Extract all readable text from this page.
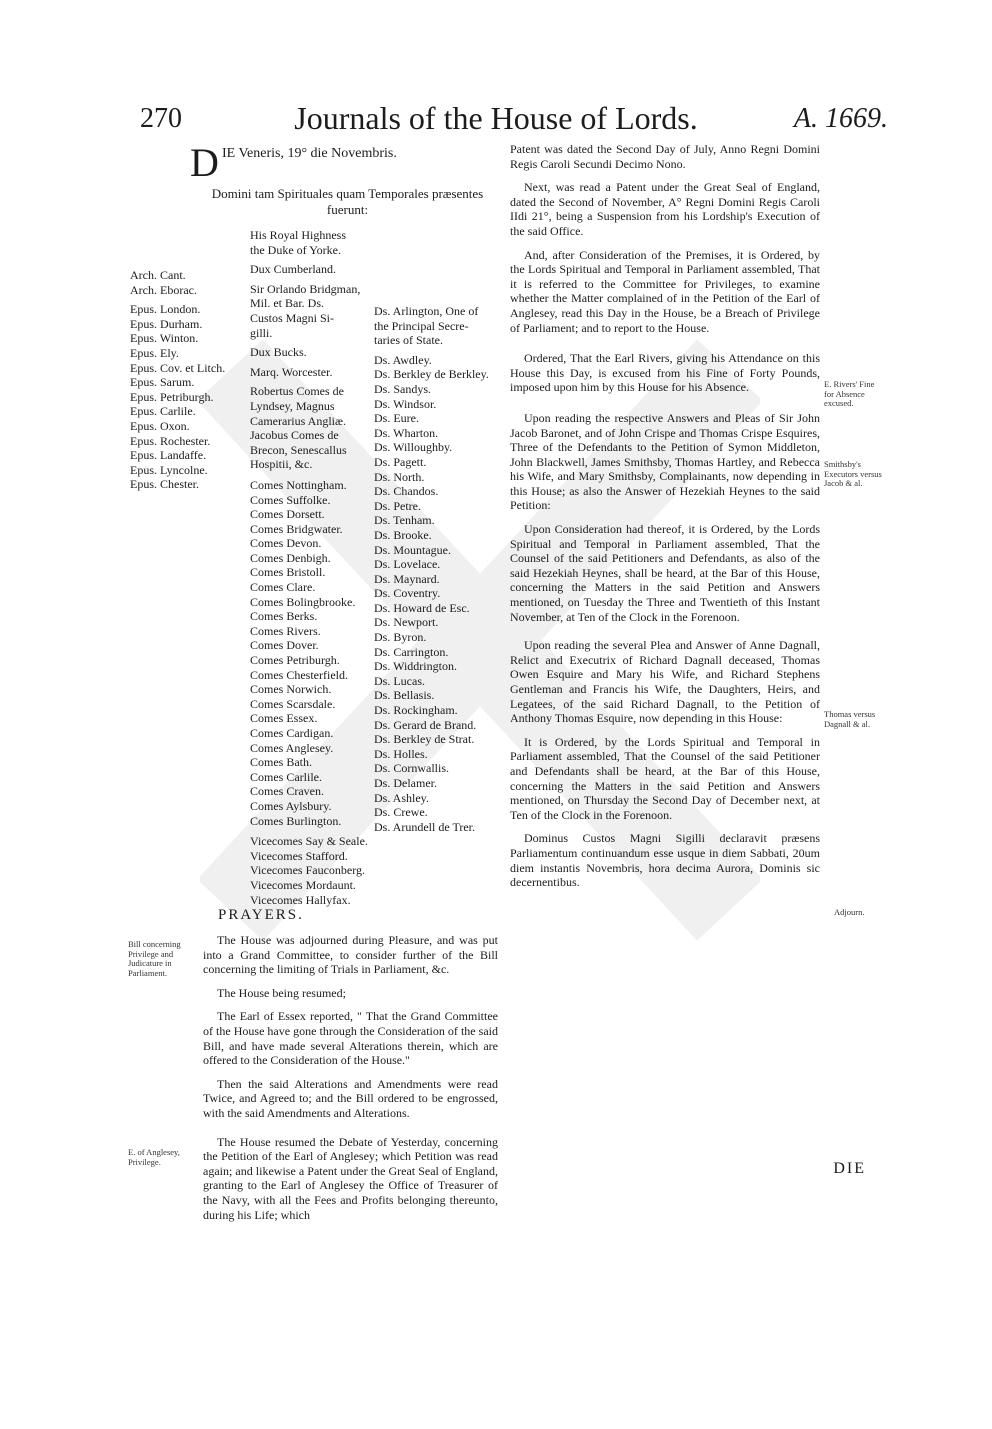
270	Journals of the House of Lords.	A. 1669.
D IE Veneris, 19° die Novembris.
Domini tam Spirituales quam Temporales præsentes fuerunt:
Arch. Cant.
Arch. Eborac.
Epus. London.
Epus. Durham.
Epus. Winton.
Epus. Ely.
Epus. Cov. et Litch.
Epus. Sarum.
Epus. Petriburgh.
Epus. Carlile.
Epus. Oxon.
Epus. Rochester.
Epus. Landaffe.
Epus. Lyncolne.
Epus. Chester.
His Royal Highness
the Duke of Yorke.
Dux Cumberland.
Sir Orlando Bridgman,
Mil. et Bar. Ds.
Custos Magni Si-
gilli.
Dux Bucks.
Marq. Worcester.
Robertus Comes de
Lyndsey, Magnus
Camerarius Angliæ.
Jacobus Comes de
Brecon, Senescallus
Hospitii, &c.
Comes Nottingham.
Comes Suffolke.
Comes Dorsett.
Comes Bridgwater.
Comes Devon.
Comes Denbigh.
Comes Bristoll.
Comes Clare.
Comes Bolingbrooke.
Comes Berks.
Comes Rivers.
Comes Dover.
Comes Petriburgh.
Comes Chesterfield.
Comes Norwich.
Comes Scarsdale.
Comes Essex.
Comes Cardigan.
Comes Anglesey.
Comes Bath.
Comes Carlile.
Comes Craven.
Comes Aylsbury.
Comes Burlington.
Vicecomes Say & Seale.
Vicecomes Stafford.
Vicecomes Fauconberg.
Vicecomes Mordaunt.
Vicecomes Hallyfax.
Ds. Arlington, One of
the Principal Secre-
taries of State.
Ds. Awdley.
Ds. Berkley de Berkley.
Ds. Sandys.
Ds. Windsor.
Ds. Eure.
Ds. Wharton.
Ds. Willoughby.
Ds. Pagett.
Ds. North.
Ds. Chandos.
Ds. Petre.
Ds. Tenham.
Ds. Brooke.
Ds. Mountague.
Ds. Lovelace.
Ds. Maynard.
Ds. Coventry.
Ds. Howard de Esc.
Ds. Newport.
Ds. Byron.
Ds. Carrington.
Ds. Widdrington.
Ds. Lucas.
Ds. Bellasis.
Ds. Rockingham.
Ds. Gerard de Brand.
Ds. Berkley de Strat.
Ds. Holles.
Ds. Cornwallis.
Ds. Delamer.
Ds. Ashley.
Ds. Crewe.
Ds. Arundell de Trer.
PRAYERS.

The House was adjourned during Pleasure, and was put into a Grand Committee, to consider further of the Bill concerning the limiting of Trials in Parliament, &c.

The House being resumed;

The Earl of Essex reported, " That the Grand Committee of the House have gone through the Consideration of the said Bill, and have made several Alterations therein, which are offered to the Consideration of the House."

Then the said Alterations and Amendments were read Twice, and Agreed to; and the Bill ordered to be engrossed, with the said Amendments and Alterations.

The House resumed the Debate of Yesterday, concerning the Petition of the Earl of Anglesey; which Petition was read again; and likewise a Patent under the Great Seal of England, granting to the Earl of Anglesey the Office of Treasurer of the Navy, with all the Fees and Profits belonging thereunto, during his Life; which

Patent was dated the Second Day of July, Anno Regni Domini Regis Caroli Secundi Decimo Nono.

Next, was read a Patent under the Great Seal of England, dated the Second of November, A° Regni Domini Regis Caroli IIdi 21°, being a Suspension from his Lordship's Execution of the said Office.

And, after Consideration of the Premises, it is Ordered, by the Lords Spiritual and Temporal in Parliament assembled, That it is referred to the Committee for Privileges, to examine whether the Matter complained of in the Petition of the Earl of Anglesey, read this Day in the House, be a Breach of Privilege of Parliament; and to report to the House.

Ordered, That the Earl Rivers, giving his Attendance on this House this Day, is excused from his Fine of Forty Pounds, imposed upon him by this House for his Absence.

Upon reading the respective Answers and Pleas of Sir John Jacob Baronet, and of John Crispe and Thomas Crispe Esquires, Three of the Defendants to the Petition of Symon Middleton, John Blackwell, James Smithsby, Thomas Hartley, and Rebecca his Wife, and Mary Smithsby, Complainants, now depending in this House; as also the Answer of Hezekiah Heynes to the said Petition:

Upon Consideration had thereof, it is Ordered, by the Lords Spiritual and Temporal in Parliament assembled, That the Counsel of the said Petitioners and Defendants, as also of the said Hezekiah Heynes, shall be heard, at the Bar of this House, concerning the Matters in the said Petition and Answers mentioned, on Tuesday the Three and Twentieth of this Instant November, at Ten of the Clock in the Forenoon.

Upon reading the several Plea and Answer of Anne Dagnall, Relict and Executrix of Richard Dagnall deceased, Thomas Owen Esquire and Mary his Wife, and Richard Stephens Gentleman and Francis his Wife, the Daughters, Heirs, and Legatees, of the said Richard Dagnall, to the Petition of Anthony Thomas Esquire, now depending in this House:

It is Ordered, by the Lords Spiritual and Temporal in Parliament assembled, That the Counsel of the said Petitioner and Defendants shall be heard, at the Bar of this House, concerning the Matters in the said Petition and Answers mentioned, on Thursday the Second Day of December next, at Ten of the Clock in the Forenoon.

Dominus Custos Magni Sigilli declaravit præsens Parliamentum continuandum esse usque in diem Sabbati, 20um diem instantis Novembris, hora decima Aurora, Dominis sic decernentibus.

Bill concerning Privilege and Judicature in Parliament.
E. of Anglesey, Privilege.
E. Rivers' Fine for Absence excused.
Smithsby's Executors versus Jacob & al.
Thomas versus Dagnall & al.
Adjourn.
DIE
